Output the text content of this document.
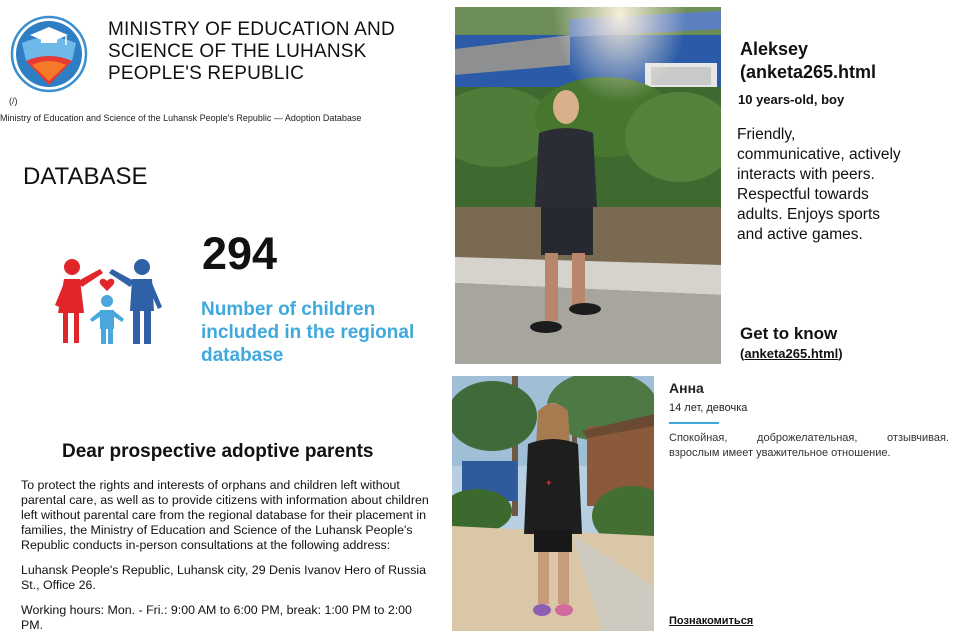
MINISTRY OF EDUCATION AND SCIENCE OF THE LUHANSK PEOPLE'S REPUBLIC
(/)
Ministry of Education and Science of the Luhansk People's Republic — Adoption Database
DATABASE
294
Number of children included in the regional database
Dear prospective adoptive parents

To protect the rights and interests of orphans and children left without parental care, as well as to provide citizens with information about children left without parental care from the regional database for their placement in families, the Ministry of Education and Science of the Luhansk People's Republic conducts in-person consultations at the following address:

Luhansk People's Republic, Luhansk city, 29 Denis Ivanov Hero of Russia St., Office 26.

Working hours: Mon. - Fri.: 9:00 AM to 6:00 PM, break: 1:00 PM to 2:00 PM.

Aleksey
(anketa265.html
10 years-old, boy
Friendly, communicative, actively interacts with peers. Respectful towards adults. Enjoys sports and active games.
Get to know
(anketa265.html)
✦
Анна
14 лет, девочка
Спокойная, доброжелательная, отзывчивая. взрослым имеет уважительное отношение.
Познакомиться
